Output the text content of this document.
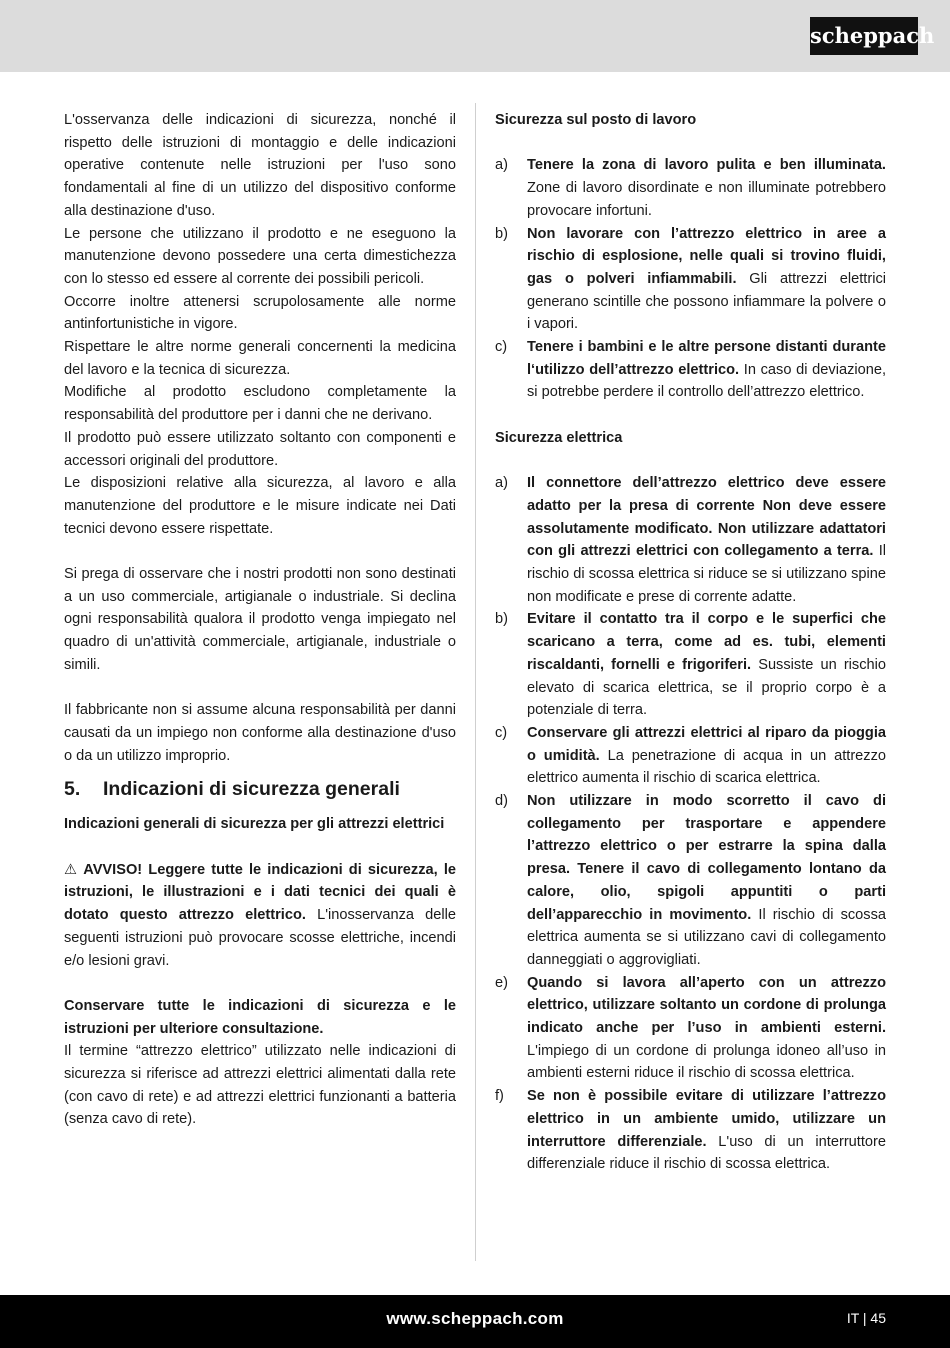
scheppach

L'osservanza delle indicazioni di sicurezza, nonché il rispetto delle istruzioni di montaggio e delle indicazioni operative contenute nelle istruzioni per l'uso sono fondamentali al fine di un utilizzo del dispositivo conforme alla destinazione d'uso.

Le persone che utilizzano il prodotto e ne eseguono la manutenzione devono possedere una certa dimestichezza con lo stesso ed essere al corrente dei possibili pericoli.

Occorre inoltre attenersi scrupolosamente alle norme antinfortunistiche in vigore.

Rispettare le altre norme generali concernenti la medicina del lavoro e la tecnica di sicurezza.

Modifiche al prodotto escludono completamente la responsabilità del produttore per i danni che ne derivano.

Il prodotto può essere utilizzato soltanto con componenti e accessori originali del produttore.

Le disposizioni relative alla sicurezza, al lavoro e alla manutenzione del produttore e le misure indicate nei Dati tecnici devono essere rispettate.

Si prega di osservare che i nostri prodotti non sono destinati a un uso commerciale, artigianale o industriale. Si declina ogni responsabilità qualora il prodotto venga impiegato nel quadro di un'attività commerciale, artigianale, industriale o simili.

Il fabbricante non si assume alcuna responsabilità per danni causati da un impiego non conforme alla destinazione d'uso o da un utilizzo improprio.

5. Indicazioni di sicurezza generali

Indicazioni generali di sicurezza per gli attrezzi elettrici

⚠ AVVISO! Leggere tutte le indicazioni di sicurezza, le istruzioni, le illustrazioni e i dati tecnici dei quali è dotato questo attrezzo elettrico. L'inosservanza delle seguenti istruzioni può provocare scosse elettriche, incendi e/o lesioni gravi.

Conservare tutte le indicazioni di sicurezza e le istruzioni per ulteriore consultazione.

Il termine “attrezzo elettrico” utilizzato nelle indicazioni di sicurezza si riferisce ad attrezzi elettrici alimentati dalla rete (con cavo di rete) e ad attrezzi elettrici funzionanti a batteria (senza cavo di rete).

Sicurezza sul posto di lavoro

a) Tenere la zona di lavoro pulita e ben illuminata. Zone di lavoro disordinate e non illuminate potrebbero provocare infortuni.
b) Non lavorare con l’attrezzo elettrico in aree a rischio di esplosione, nelle quali si trovino fluidi, gas o polveri infiammabili. Gli attrezzi elettrici generano scintille che possono infiammare la polvere o i vapori.
c) Tenere i bambini e le altre persone distanti durante l‘utilizzo dell’attrezzo elettrico. In caso di deviazione, si potrebbe perdere il controllo dell’attrezzo elettrico.

Sicurezza elettrica

a) Il connettore dell’attrezzo elettrico deve essere adatto per la presa di corrente Non deve essere assolutamente modificato. Non utilizzare adattatori con gli attrezzi elettrici con collegamento a terra. Il rischio di scossa elettrica si riduce se si utilizzano spine non modificate e prese di corrente adatte.
b) Evitare il contatto tra il corpo e le superfici che scaricano a terra, come ad es. tubi, elementi riscaldanti, fornelli e frigoriferi. Sussiste un rischio elevato di scarica elettrica, se il proprio corpo è a potenziale di terra.
c) Conservare gli attrezzi elettrici al riparo da pioggia o umidità. La penetrazione di acqua in un attrezzo elettrico aumenta il rischio di scarica elettrica.
d) Non utilizzare in modo scorretto il cavo di collegamento per trasportare e appendere l’attrezzo elettrico o per estrarre la spina dalla presa. Tenere il cavo di collegamento lontano da calore, olio, spigoli appuntiti o parti dell’apparecchio in movimento. Il rischio di scossa elettrica aumenta se si utilizzano cavi di collegamento danneggiati o aggrovigliati.
e) Quando si lavora all’aperto con un attrezzo elettrico, utilizzare soltanto un cordone di prolunga indicato anche per l’uso in ambienti esterni. L'impiego di un cordone di prolunga idoneo all’uso in ambienti esterni riduce il rischio di scossa elettrica.
f) Se non è possibile evitare di utilizzare l’attrezzo elettrico in un ambiente umido, utilizzare un interruttore differenziale. L'uso di un interruttore differenziale riduce il rischio di scossa elettrica.
www.scheppach.com	IT | 45
